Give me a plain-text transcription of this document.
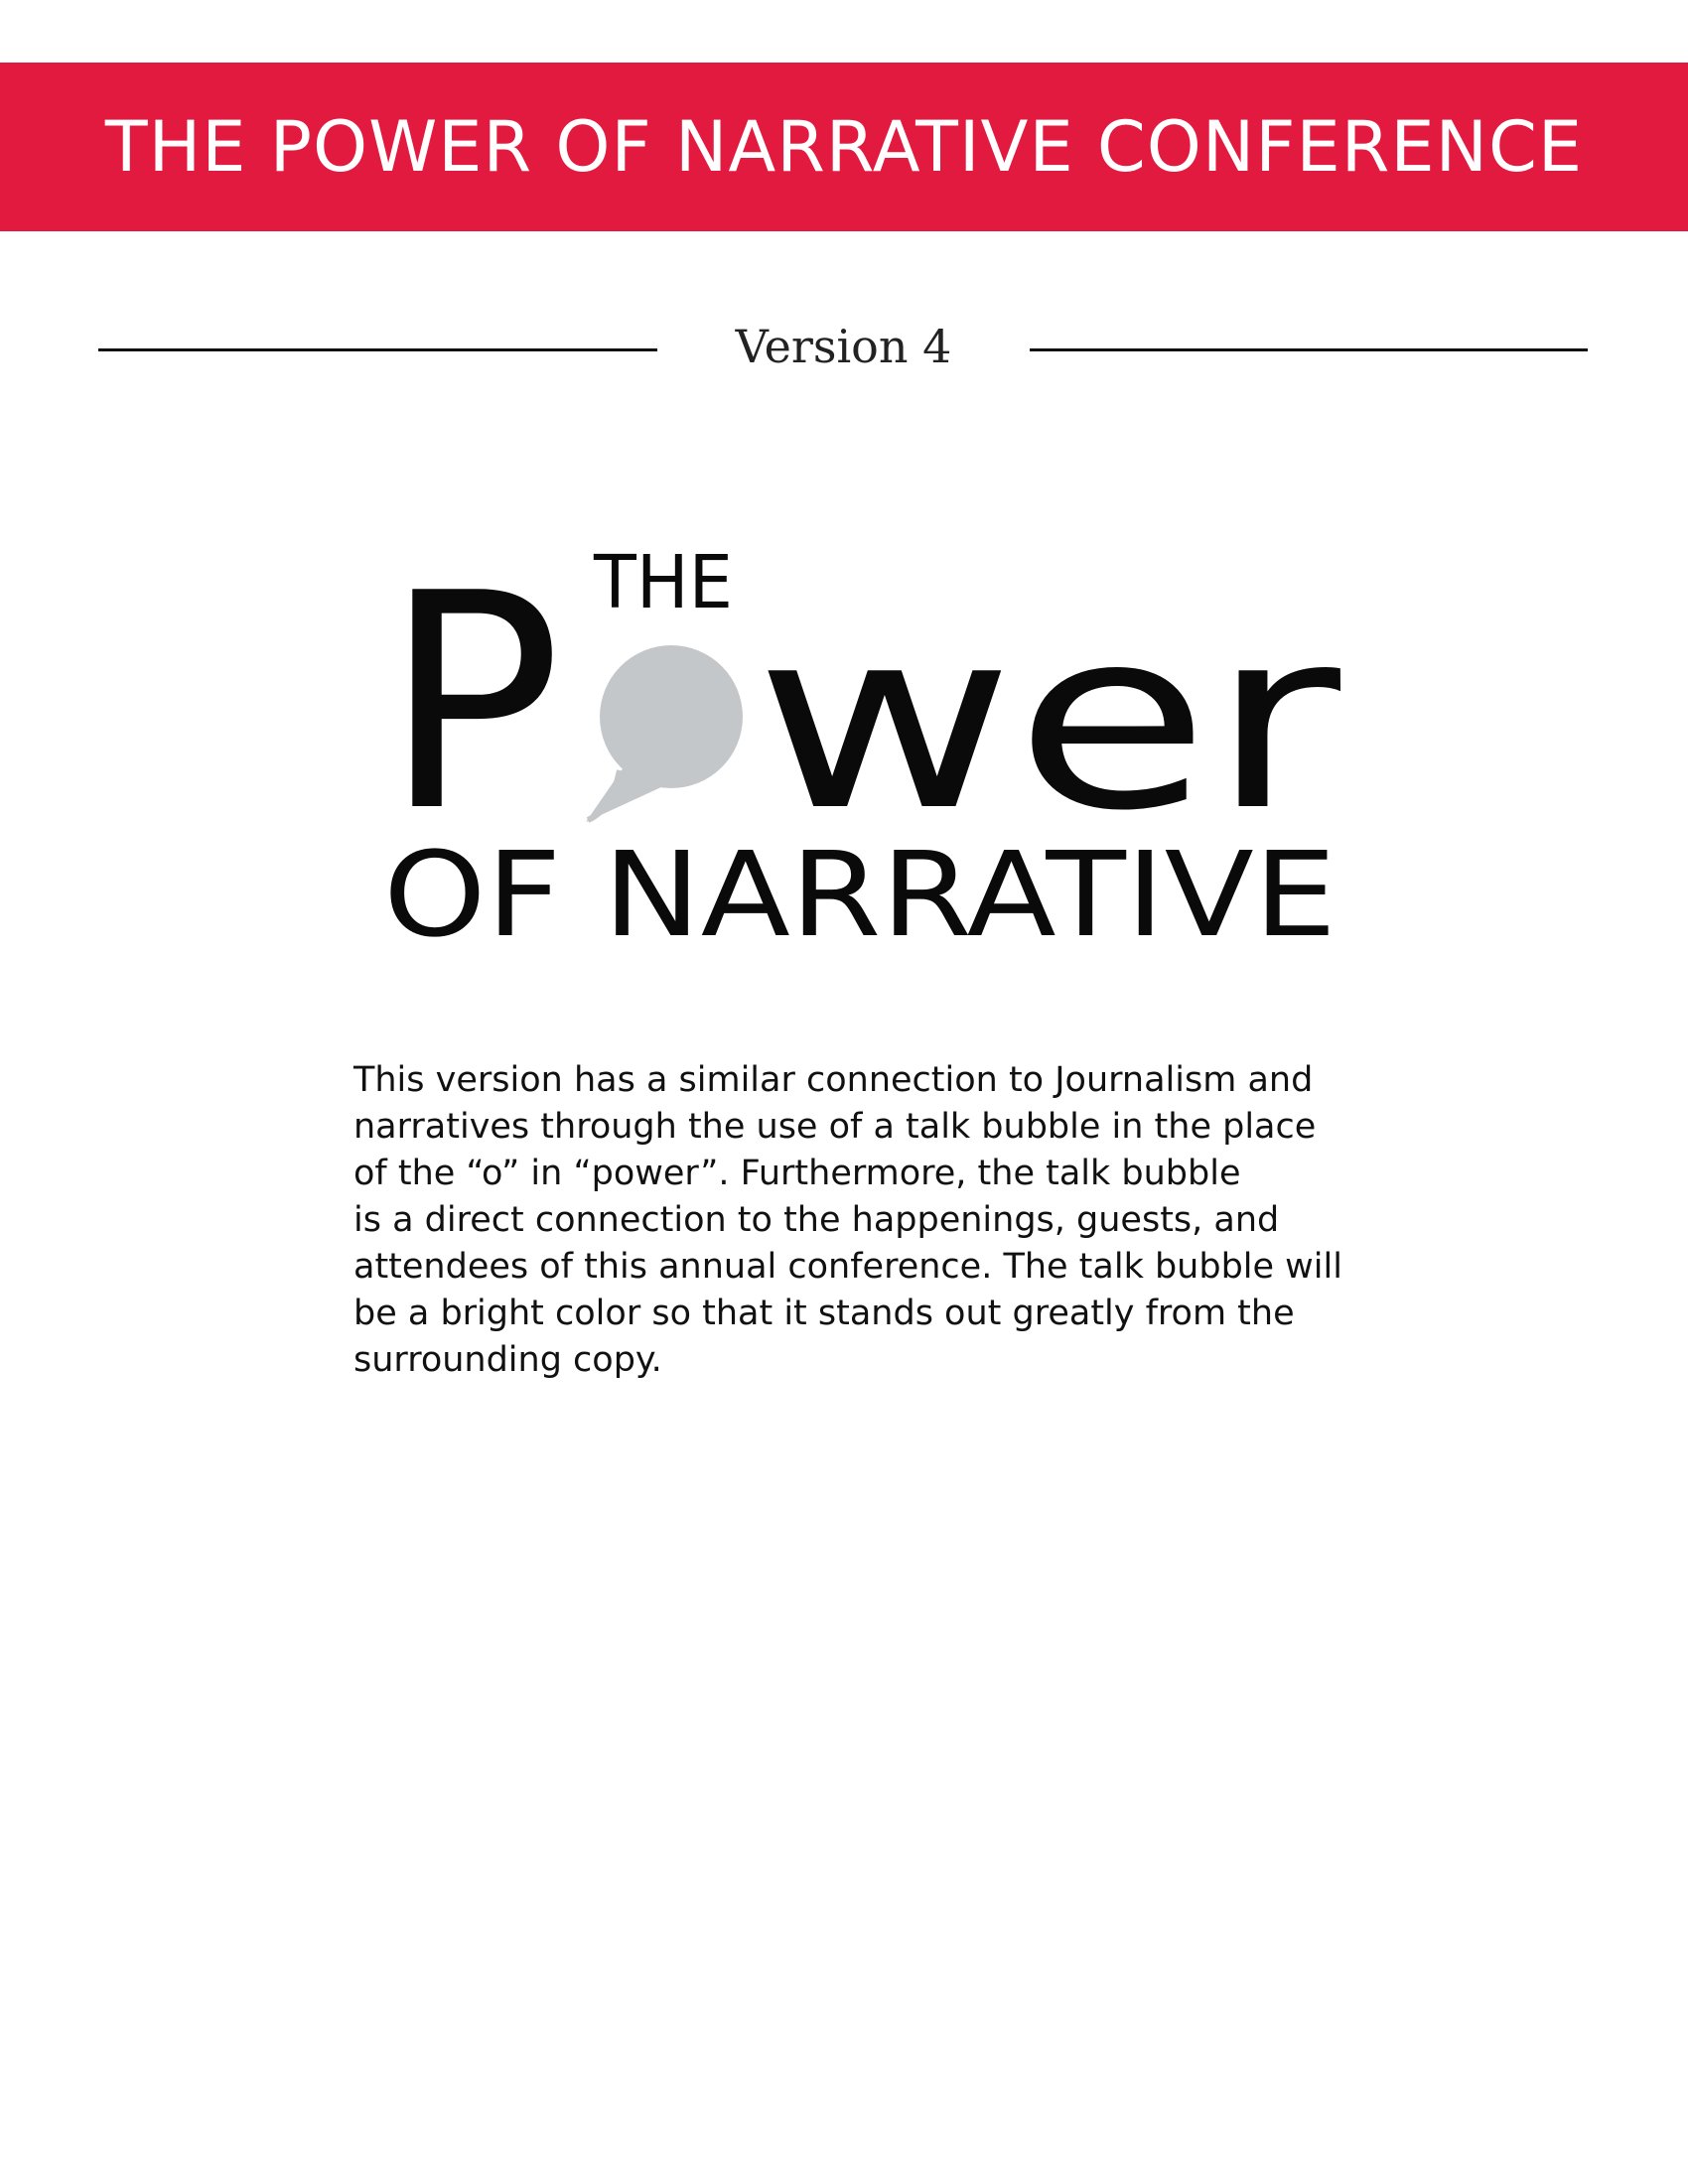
THE POWER OF NARRATIVE CONFERENCE
Version 4
THE
P wer
OF NARRATIVE

This version has a similar connection to Journalism and
narratives through the use of a talk bubble in the place
of the “o” in “power”. Furthermore, the talk bubble
is a direct connection to the happenings, guests, and
attendees of this annual conference. The talk bubble will
be a bright color so that it stands out greatly from the
surrounding copy.
